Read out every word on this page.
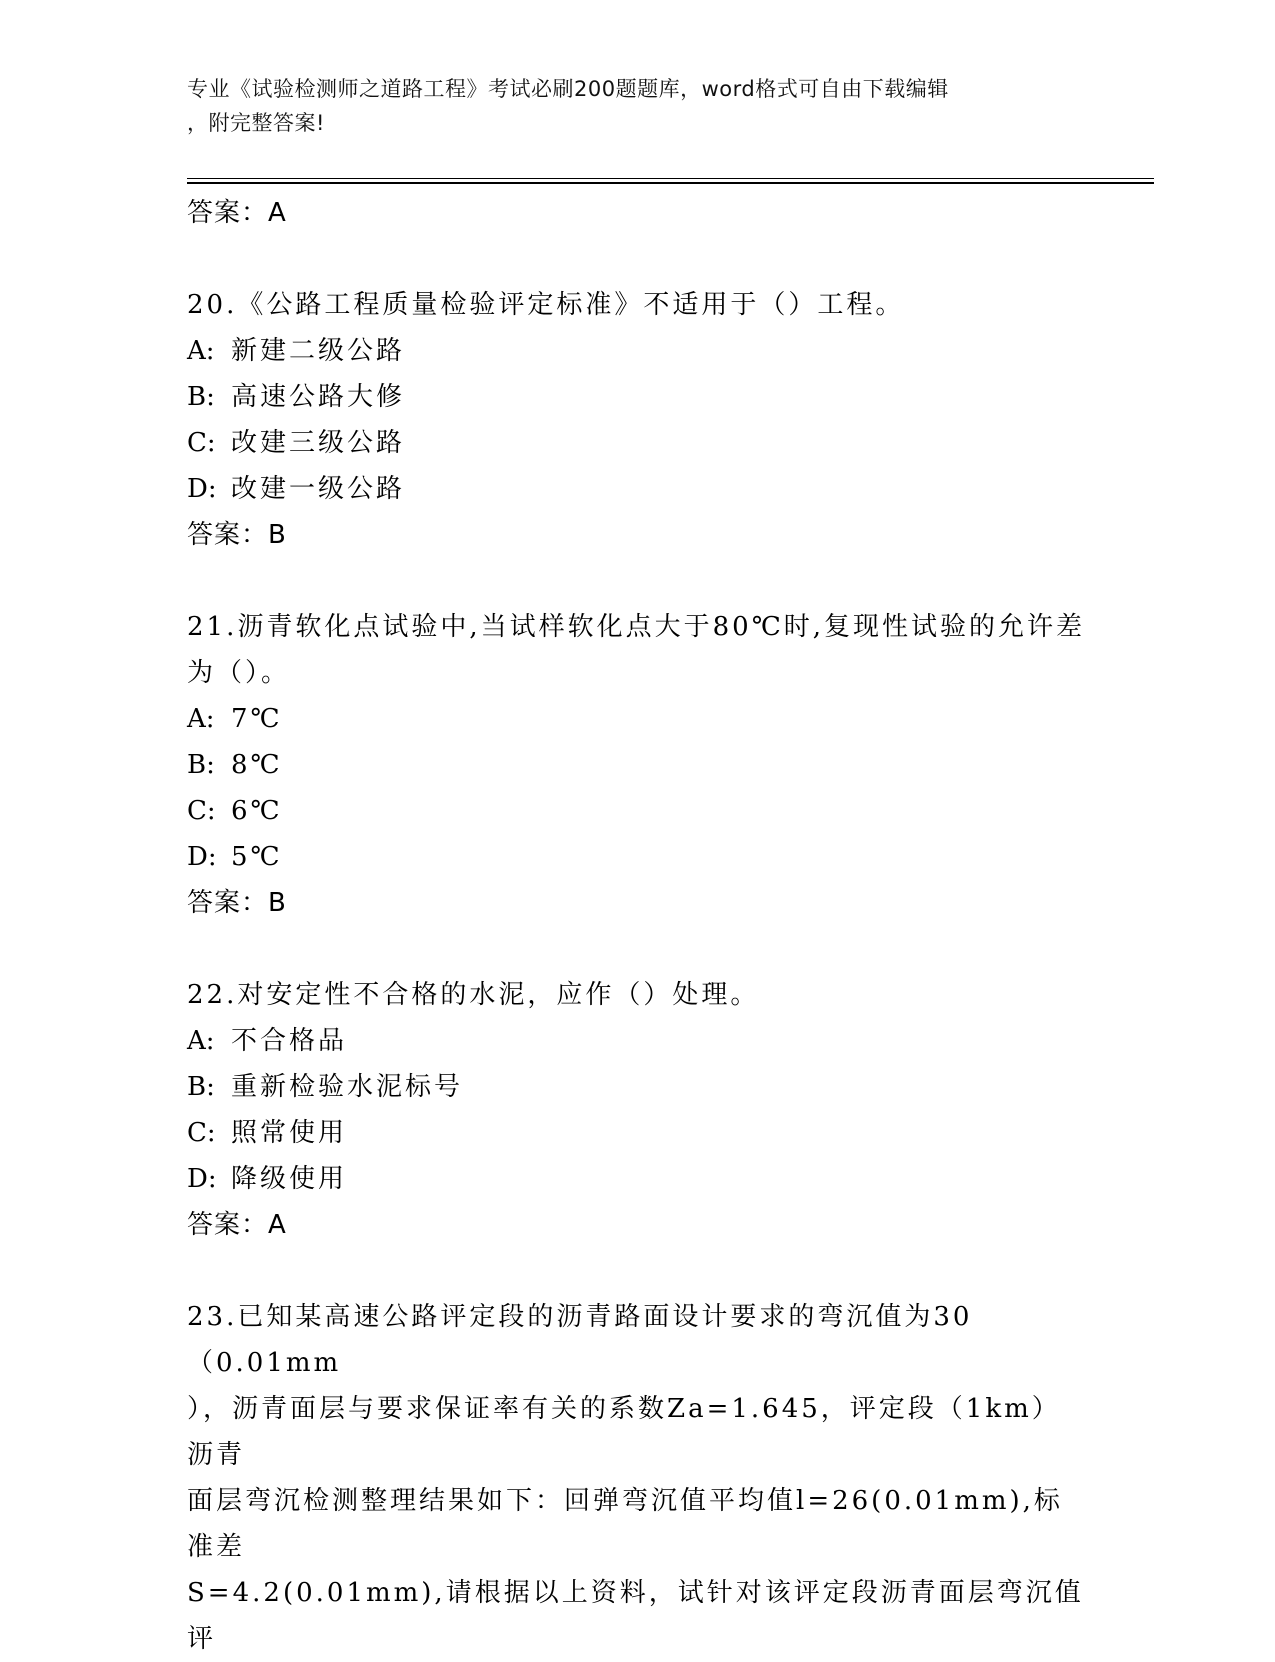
专业《试验检测师之道路工程》考试必刷200题题库，word格式可自由下载编辑
，附完整答案!
答案：A
20.《公路工程质量检验评定标准》不适用于（）工程。
A: 新建二级公路
B: 高速公路大修
C: 改建三级公路
D: 改建一级公路
答案：B
21.沥青软化点试验中,当试样软化点大于80℃时,复现性试验的允许差
为（）。
A: 7℃
B: 8℃
C: 6℃
D: 5℃
答案：B
22.对安定性不合格的水泥，应作（）处理。
A: 不合格品
B: 重新检验水泥标号
C: 照常使用
D: 降级使用
答案：A
23.已知某高速公路评定段的沥青路面设计要求的弯沉值为30（0.01mm
），沥青面层与要求保证率有关的系数Za=1.645，评定段（1km）沥青
面层弯沉检测整理结果如下：回弹弯沉值平均值l=26(0.01mm),标准差
S=4.2(0.01mm),请根据以上资料，试针对该评定段沥青面层弯沉值评
